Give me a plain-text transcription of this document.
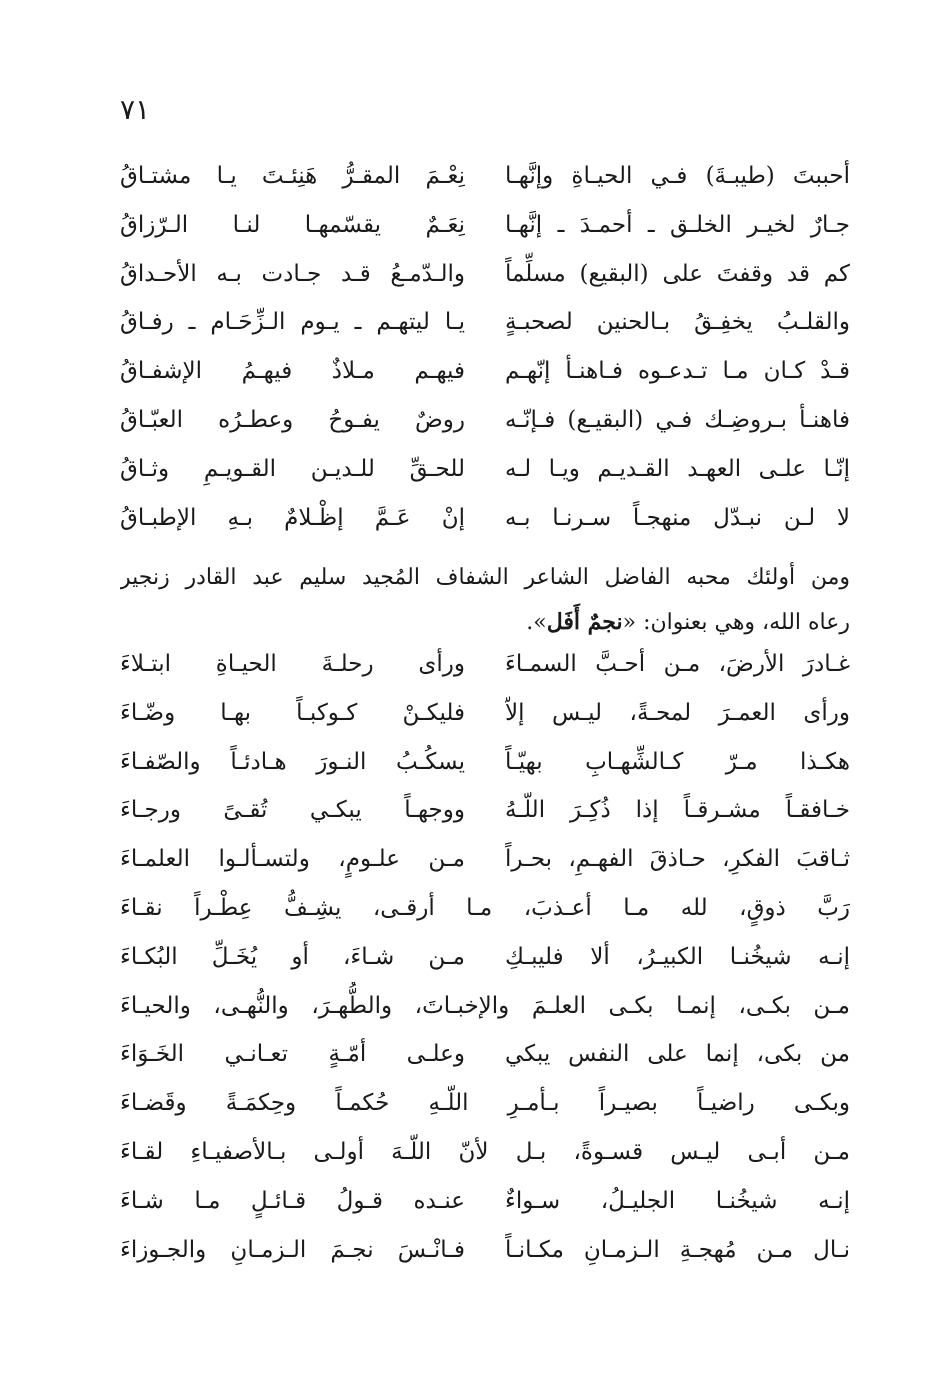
٧١
أحببتَ (طيبـةَ) فـي الحيـاةِ وإنَّهـا
نِعْـمَ المقـرُّ هَنِئـتَ يـا مشتـاقُ
جـارٌ لخيـر الخلـق ـ أحمـدَ ـ إنَّهـا
نِعَـمٌ يقسّمهـا لنـا الـرّزاقُ
كم قد وقفتَ على (البقيع) مسلِّماً
والـدّمـعُ قـد جـادت بـه الأحـداقُ
والقلـبُ يخفِـقُ بـالحنين لصحبـةٍ
يـا ليتهـم ـ يـوم الـزِّحَـام ـ رفـاقُ
قـدْ كـان مـا تـدعـوه فـاهنـأ إنّهـم
فيهـم مـلاذٌ فيهـمُ الإشفـاقُ
فاهنـأ بـروضِـك فـي (البقيـع) فـإنّـه
روضٌ يفـوحُ وعطـرُه العبّـاقُ
إنّـا علـى العهـد القـديـم ويـا لـه
للحـقِّ للـديـن القـويـمِ وثـاقُ
لا لـن نبـدّل منهجـاً سـرنـا بـه
إنْ عَـمَّ إظْـلامٌ بـهِ الإطبـاقُ
ومن أولئك محبه الفاضل الشاعر الشفاف المُجيد سليم عبد القادر زنجير
رعاه الله، وهي بعنوان: «نجمٌ أَفَل».
غـادرَ الأرضَ، مـن أحـبَّ السمـاءَ
ورأى رحلـةَ الحيـاةِ ابتـلاءَ
ورأى العمـرَ لمحـةً، ليـس إلاّ
فليكـنْ كـوكبـاً بهـا وضّـاءَ
هكـذا مـرّ كـالشِّهـابِ بهيّـاً
يسكُـبُ النـورَ هـادئـاً والصّفـاءَ
خـافقـاً مشـرقـاً إذا ذُكِـرَ اللّـهُ
ووجهـاً يبكـي تُقـىً ورجـاءَ
ثـاقبَ الفكرِ، حـاذقَ الفهـمِ، بحـراً
مـن علـومٍ، ولتسـألـوا العلمـاءَ
رَبَّ ذوقٍ، لله مـا أعـذبَ، مـا أرقـى، يشِـفُّ عِطْـراً نقـاءَ
إنـه شيخُنـا الكبيـرُ، ألا فليبـكِ
مـن شـاءَ، أو يُخَـلِّ البُكـاءَ
مـن بكـى، إنمـا بكـى العلـمَ والإخبـاتَ، والطُّهـرَ، والنُّهـى، والحيـاءَ
من بكى، إنما على النفس يبكي
وعلـى أمّـةٍ تعـانـي الخَـوَاءَ
وبكـى راضيـاً بصيـراً بـأمـرِ اللّـهِ حُكمـاً وحِكمَـةً وقَضـاءَ
مـن أبـى ليـس قسـوةً، بـل لأنّ اللّـهَ أولـى بـالأصفيـاءِ لقـاءَ
إنـه شيخُنـا الجليـلُ، سـواءٌ
عنـده قـولُ قـائـلٍ مـا شـاءَ
نـال مـن مُهجـةِ الـزمـانِ مكـانـاً
فـانْـسَ نجـمَ الـزمـانِ والجـوزاءَ
